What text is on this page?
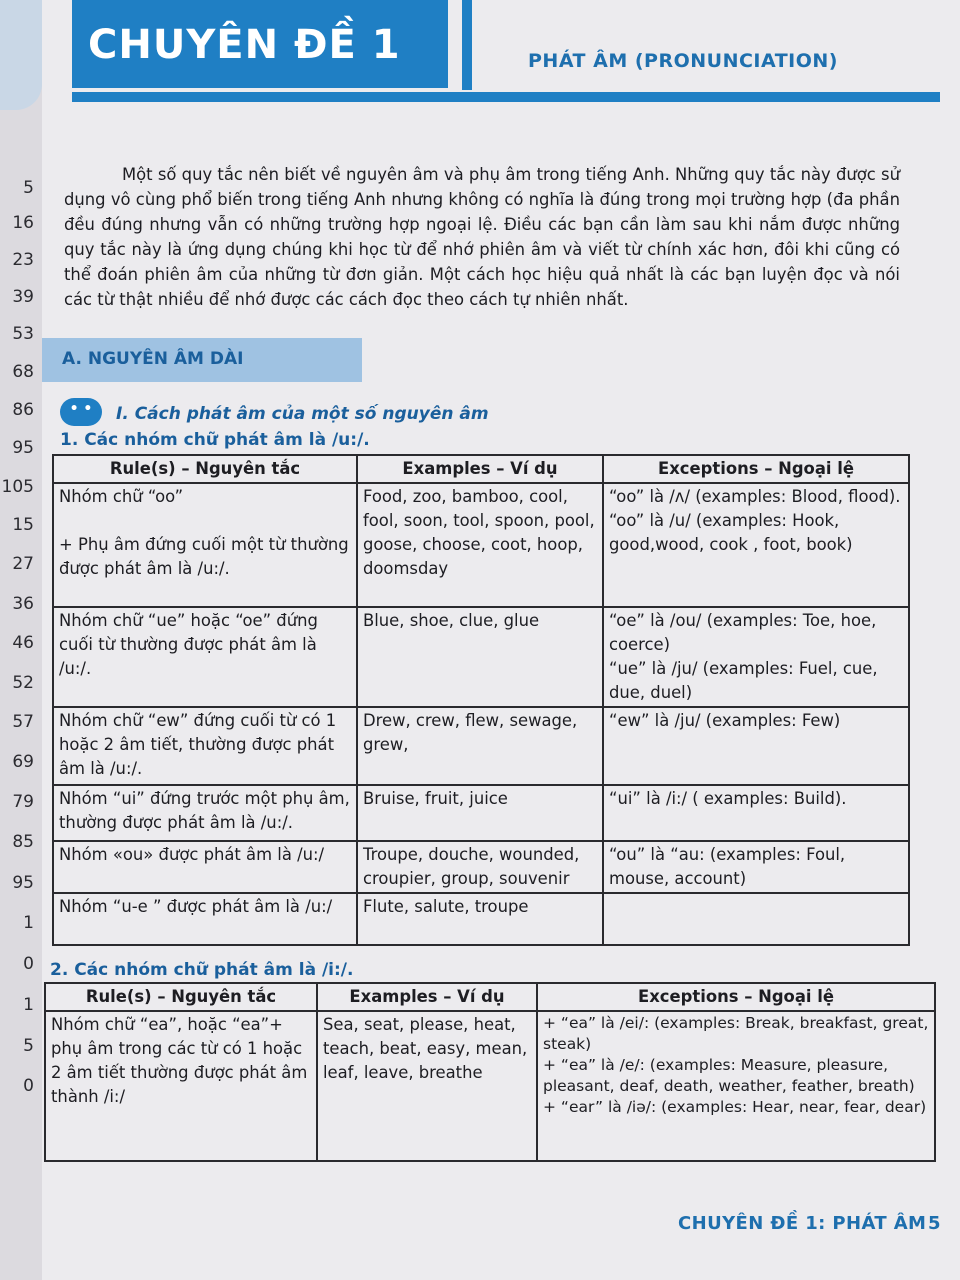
5
16
23
39
53
68
86
95
105
15
27
36
46
52
57
69
79
85
95
1
0
1
5
0
CHUYÊN ĐỀ 1	PHÁT ÂM (PRONUNCIATION)

Một số quy tắc nên biết về nguyên âm và phụ âm trong tiếng Anh. Những quy tắc này được sử dụng vô cùng phổ biến trong tiếng Anh nhưng không có nghĩa là đúng trong mọi trường hợp (đa phần đều đúng nhưng vẫn có những trường hợp ngoại lệ. Điều các bạn cần làm sau khi nắm được những quy tắc này là ứng dụng chúng khi học từ để nhớ phiên âm và viết từ chính xác hơn, đôi khi cũng có thể đoán phiên âm của những từ đơn giản. Một cách học hiệu quả nhất là các bạn luyện đọc và nói các từ thật nhiều để nhớ được các cách đọc theo cách tự nhiên nhất.

A. NGUYÊN ÂM DÀI
• •	I. Cách phát âm của một số nguyên âm
1. Các nhóm chữ phát âm là /u:/.
Rule(s) – Nguyên tắc	Examples – Ví dụ	Exceptions – Ngoại lệ
Nhóm chữ “oo”

+ Phụ âm đứng cuối một từ thường được phát âm là /u:/.	Food, zoo, bamboo, cool, fool, soon, tool, spoon, pool, goose, choose, coot, hoop, doomsday	“oo” là /ʌ/ (examples: Blood, flood).
“oo” là /u/ (examples: Hook, good,wood, cook , foot, book)
Nhóm chữ “ue” hoặc “oe” đứng cuối từ thường được phát âm là /u:/.	Blue, shoe, clue, glue	“oe” là /ou/ (examples: Toe, hoe, coerce)
“ue” là /ju/ (examples: Fuel, cue, due, duel)
Nhóm chữ “ew” đứng cuối từ có 1 hoặc 2 âm tiết, thường được phát âm là /u:/.	Drew, crew, flew, sewage, grew,	“ew” là /ju/ (examples: Few)
Nhóm “ui” đứng trước một phụ âm, thường được phát âm là /u:/.	Bruise, fruit, juice	“ui” là /i:/ ( examples: Build).
Nhóm «ou» được phát âm là /u:/	Troupe, douche, wounded, croupier, group, souvenir	“ou” là “au: (examples: Foul, mouse, account)
Nhóm “u-e ” được phát âm là /u:/	Flute, salute, troupe	
2. Các nhóm chữ phát âm là /i:/.
Rule(s) – Nguyên tắc	Examples – Ví dụ	Exceptions – Ngoại lệ
Nhóm chữ “ea”, hoặc “ea”+ phụ âm trong các từ có 1 hoặc 2 âm tiết thường được phát âm thành /i:/	Sea, seat, please, heat, teach, beat, easy, mean, leaf, leave, breathe	+ “ea” là /ei/: (examples: Break, breakfast, great, steak)
+ “ea” là /e/: (examples: Measure, pleasure, pleasant, deaf, death, weather, feather, breath)
+ “ear” là /iə/: (examples: Hear, near, fear, dear)
CHUYÊN ĐỀ 1: PHÁT ÂM 5
